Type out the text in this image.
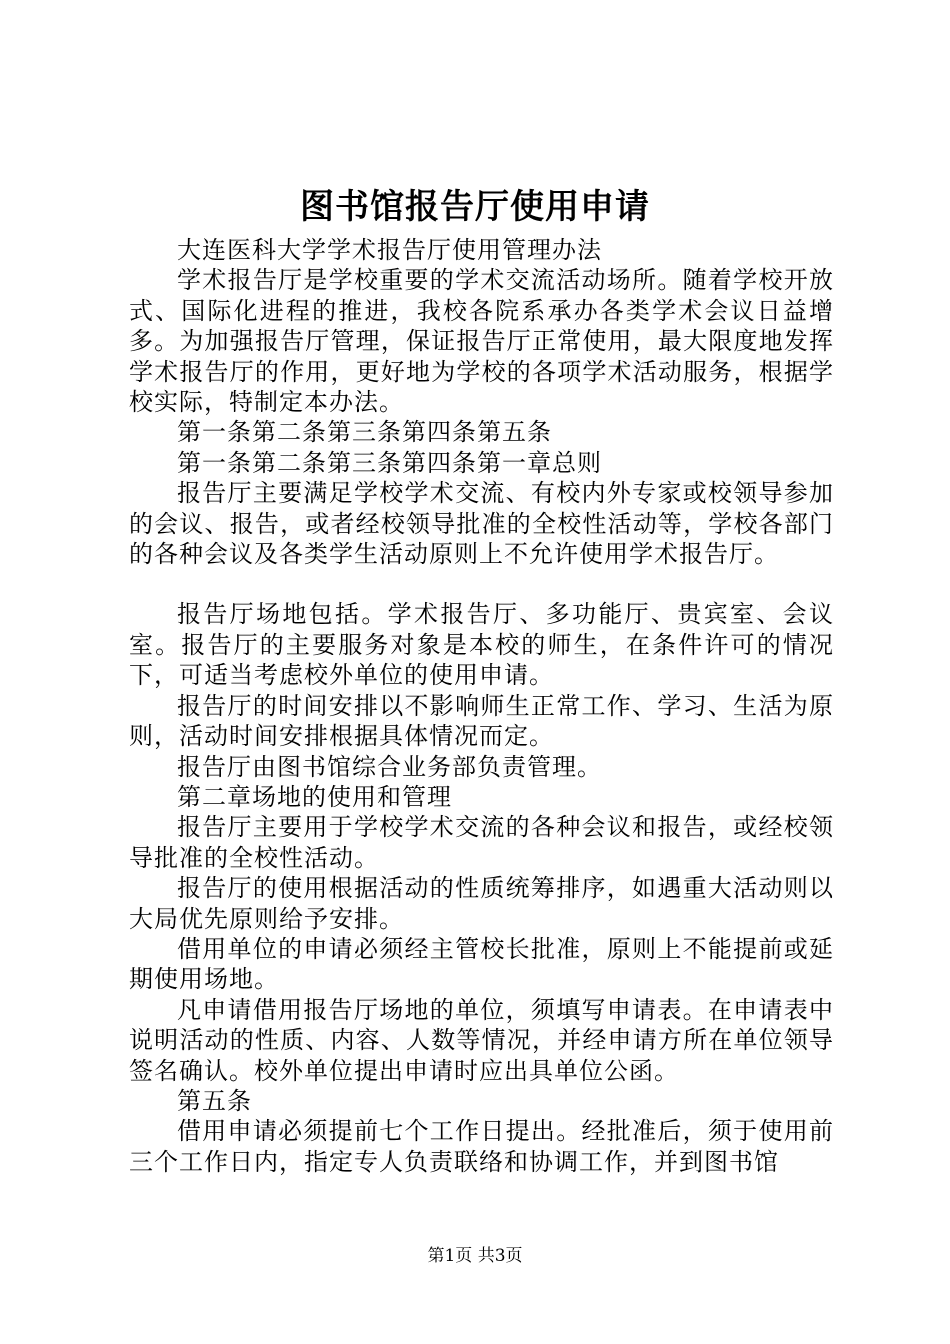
图书馆报告厅使用申请

大连医科大学学术报告厅使用管理办法

学术报告厅是学校重要的学术交流活动场所。随着学校开放式、国际化进程的推进，我校各院系承办各类学术会议日益增多。为加强报告厅管理，保证报告厅正常使用，最大限度地发挥学术报告厅的作用，更好地为学校的各项学术活动服务，根据学校实际，特制定本办法。

第一条第二条第三条第四条第五条

第一条第二条第三条第四条第一章总则

报告厅主要满足学校学术交流、有校内外专家或校领导参加的会议、报告，或者经校领导批准的全校性活动等，学校各部门的各种会议及各类学生活动原则上不允许使用学术报告厅。

报告厅场地包括。学术报告厅、多功能厅、贵宾室、会议室。报告厅的主要服务对象是本校的师生，在条件许可的情况下，可适当考虑校外单位的使用申请。

报告厅的时间安排以不影响师生正常工作、学习、生活为原则，活动时间安排根据具体情况而定。

报告厅由图书馆综合业务部负责管理。

第二章场地的使用和管理

报告厅主要用于学校学术交流的各种会议和报告，或经校领导批准的全校性活动。

报告厅的使用根据活动的性质统筹排序，如遇重大活动则以大局优先原则给予安排。

借用单位的申请必须经主管校长批准，原则上不能提前或延期使用场地。

凡申请借用报告厅场地的单位，须填写申请表。在申请表中说明活动的性质、内容、人数等情况，并经申请方所在单位领导签名确认。校外单位提出申请时应出具单位公函。

第五条

借用申请必须提前七个工作日提出。经批准后，须于使用前三个工作日内，指定专人负责联络和协调工作，并到图书馆

第1页 共3页
